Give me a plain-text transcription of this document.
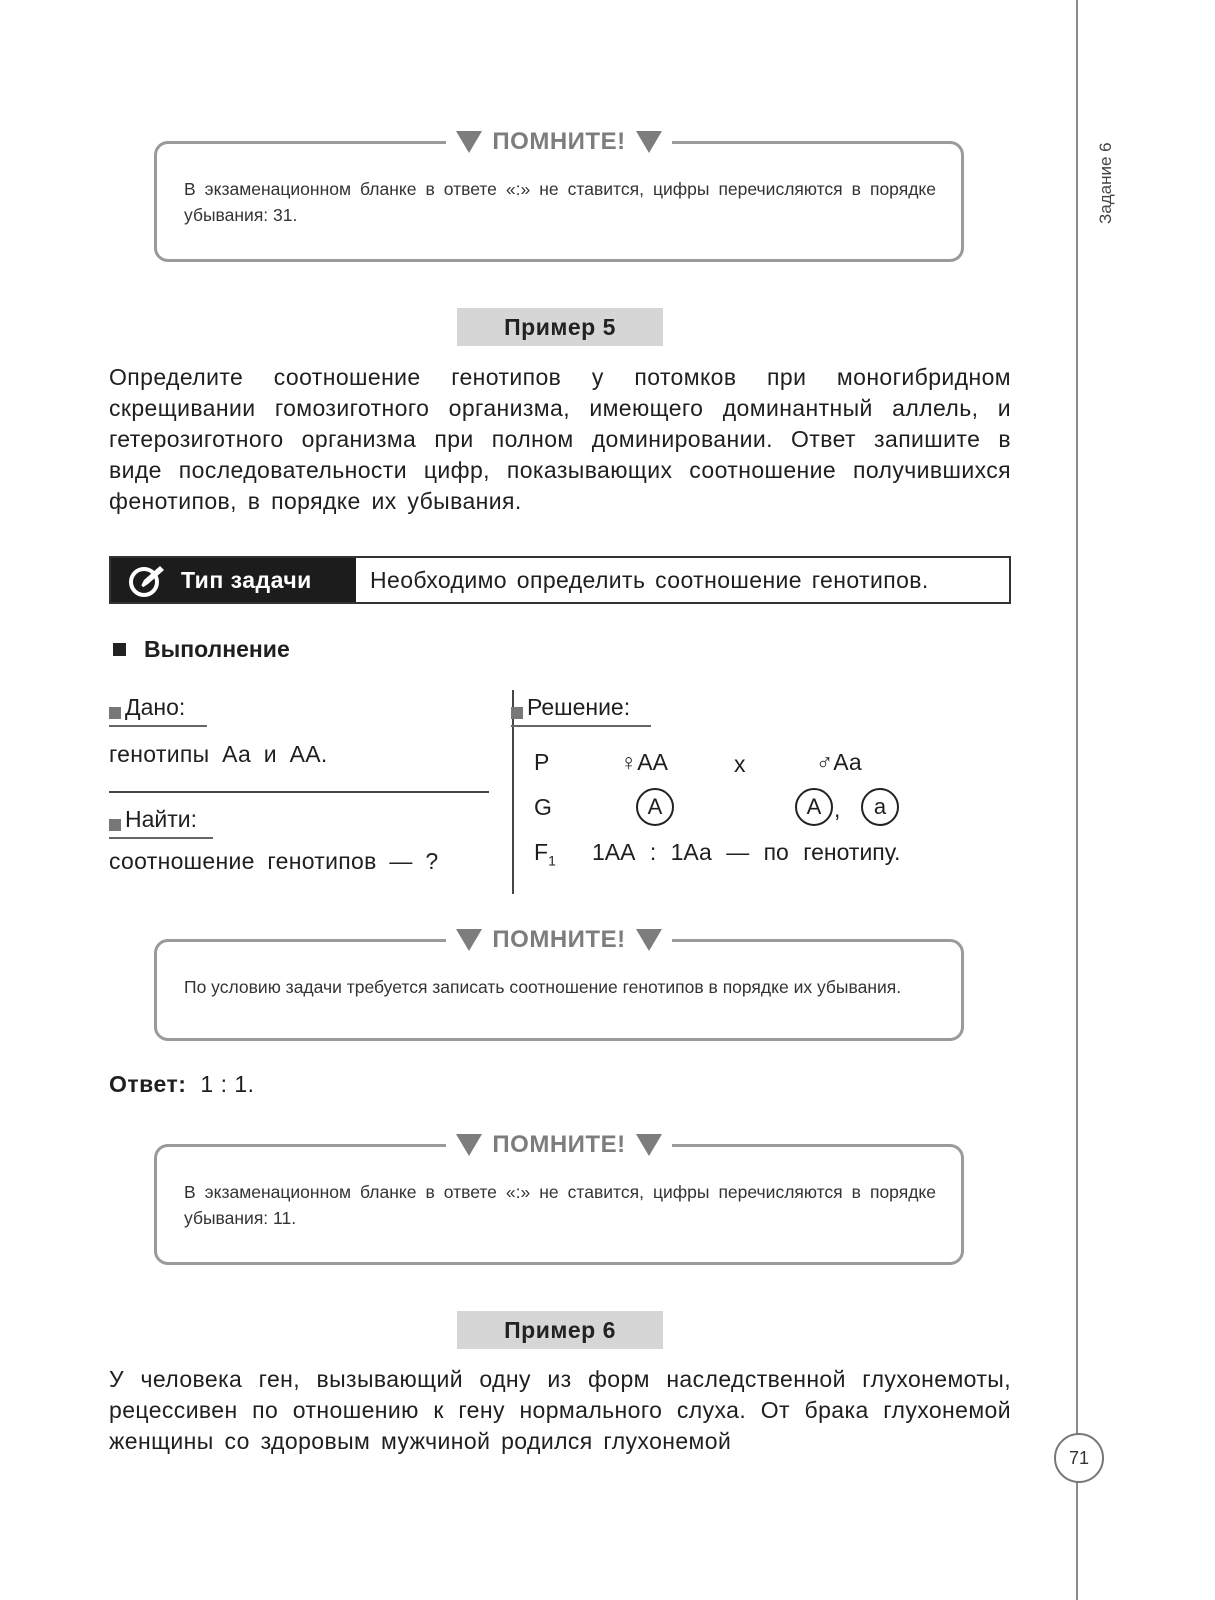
Задание 6
71
ПОМНИТЕ!
В экзаменационном бланке в ответе «:» не ставится, цифры перечисляются в порядке убывания: 31.
Пример 5
Определите соотношение генотипов у потомков при моногибридном скрещивании гомозиготного организма, имеющего доминантный аллель, и гетерозиготного организма при полном доминировании. Ответ запишите в виде последовательности цифр, показывающих соотношение получившихся фенотипов, в порядке их убывания.
Тип задачи	Необходимо определить соотношение генотипов.
Выполнение
Дано:
генотипы Аа и АА.
Найти:
соотношение генотипов — ?
Решение:
P	♀АА	x	♂Аа
G	А	А ,	а
$F_1$ 1АА : 1Аа — по генотипу.
ПОМНИТЕ!
По условию задачи требуется записать соотношение генотипов в порядке их убывания.
Ответ: 1 : 1.
ПОМНИТЕ!
В экзаменационном бланке в ответе «:» не ставится, цифры перечисляются в порядке убывания: 11.
Пример 6
У человека ген, вызывающий одну из форм наследственной глухонемоты, рецессивен по отношению к гену нормального слуха. От брака глухонемой женщины со здоровым мужчиной родился глухонемой
